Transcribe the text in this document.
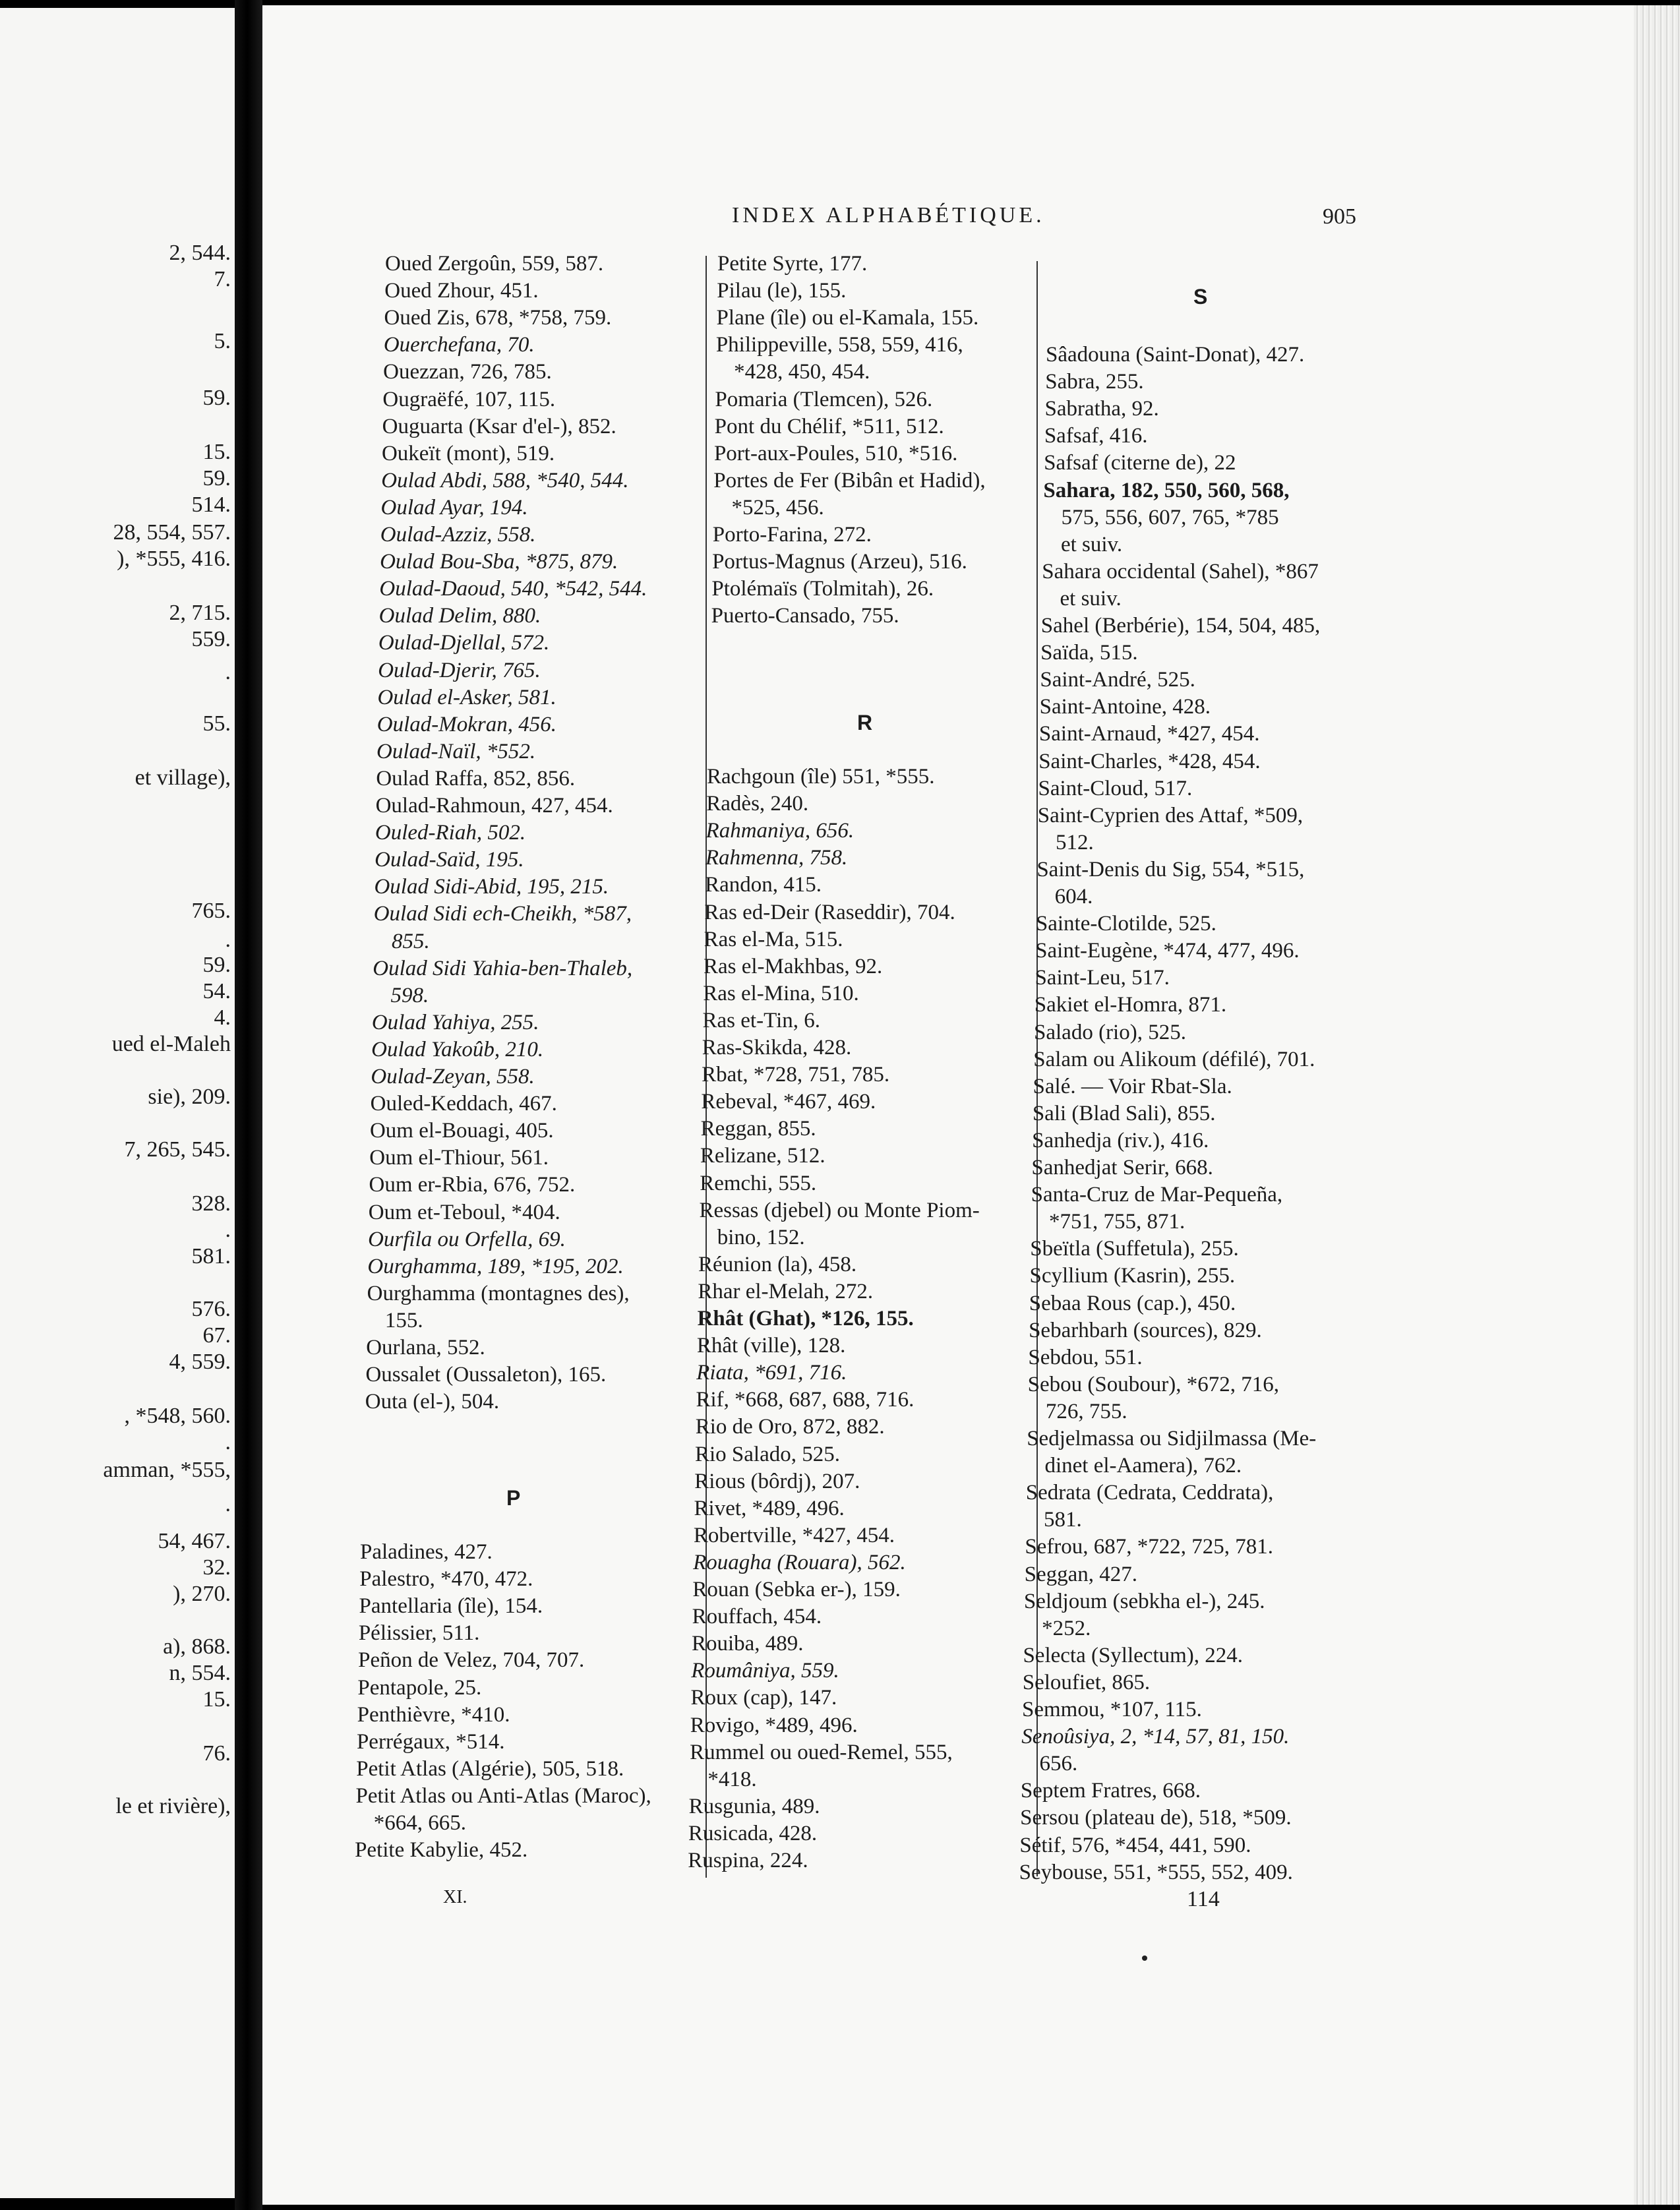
2, 544.
7.
5.
59.
15.
59.
514.
28, 554, 557.
), *555, 416.
2, 715.
559.
.
55.
et village),
765.
.
59.
54.
4.
ued el-Maleh
sie), 209.
7, 265, 545.
328.
.
581.
576.
67.
4, 559.
, *548, 560.
.
amman, *555,
.
54, 467.
32.
), 270.
a), 868.
n, 554.
15.
76.
le et rivière),
INDEX ALPHABÉTIQUE.	905
Oued Zergoûn, 559, 587.
Oued Zhour, 451.
Oued Zis, 678, *758, 759.
Ouerchefana, 70.
Ouezzan, 726, 785.
Ougraëfé, 107, 115.
Ouguarta (Ksar d'el-), 852.
Oukeït (mont), 519.
Oulad Abdi, 588, *540, 544.
Oulad Ayar, 194.
Oulad-Azziz, 558.
Oulad Bou-Sba, *875, 879.
Oulad-Daoud, 540, *542, 544.
Oulad Delim, 880.
Oulad-Djellal, 572.
Oulad-Djerir, 765.
Oulad el-Asker, 581.
Oulad-Mokran, 456.
Oulad-Naïl, *552.
Oulad Raffa, 852, 856.
Oulad-Rahmoun, 427, 454.
Ouled-Riah, 502.
Oulad-Saïd, 195.
Oulad Sidi-Abid, 195, 215.
Oulad Sidi ech-Cheikh, *587,
855.
Oulad Sidi Yahia-ben-Thaleb,
598.
Oulad Yahiya, 255.
Oulad Yakoûb, 210.
Oulad-Zeyan, 558.
Ouled-Keddach, 467.
Oum el-Bouagi, 405.
Oum el-Thiour, 561.
Oum er-Rbia, 676, 752.
Oum et-Teboul, *404.
Ourfila ou Orfella, 69.
Ourghamma, 189, *195, 202.
Ourghamma (montagnes des),
155.
Ourlana, 552.
Oussalet (Oussaleton), 165.
Outa (el-), 504.
P
Paladines, 427.
Palestro, *470, 472.
Pantellaria (île), 154.
Pélissier, 511.
Peñon de Velez, 704, 707.
Pentapole, 25.
Penthièvre, *410.
Perrégaux, *514.
Petit Atlas (Algérie), 505, 518.
Petit Atlas ou Anti-Atlas (Maroc),
*664, 665.
Petite Kabylie, 452.
Petite Syrte, 177.
Pilau (le), 155.
Plane (île) ou el-Kamala, 155.
Philippeville, 558, 559, 416,
*428, 450, 454.
Pomaria (Tlemcen), 526.
Pont du Chélif, *511, 512.
Port-aux-Poules, 510, *516.
Portes de Fer (Bibân et Hadid),
*525, 456.
Porto-Farina, 272.
Portus-Magnus (Arzeu), 516.
Ptolémaïs (Tolmitah), 26.
Puerto-Cansado, 755.
R
Rachgoun (île) 551, *555.
Radès, 240.
Rahmaniya, 656.
Rahmenna, 758.
Randon, 415.
Ras ed-Deir (Raseddir), 704.
Ras el-Ma, 515.
Ras el-Makhbas, 92.
Ras el-Mina, 510.
Ras et-Tin, 6.
Ras-Skikda, 428.
Rbat, *728, 751, 785.
Rebeval, *467, 469.
Reggan, 855.
Relizane, 512.
Remchi, 555.
Ressas (djebel) ou Monte Piom-
bino, 152.
Réunion (la), 458.
Rhar el-Melah, 272.
Rhât (Ghat), *126, 155.
Rhât (ville), 128.
Riata, *691, 716.
Rif, *668, 687, 688, 716.
Rio de Oro, 872, 882.
Rio Salado, 525.
Rious (bôrdj), 207.
Rivet, *489, 496.
Robertville, *427, 454.
Rouagha (Rouara), 562.
Rouan (Sebka er-), 159.
Rouffach, 454.
Rouiba, 489.
Roumâniya, 559.
Roux (cap), 147.
Rovigo, *489, 496.
Rummel ou oued-Remel, 555,
*418.
Rusgunia, 489.
Rusicada, 428.
Ruspina, 224.
S
Sâadouna (Saint-Donat), 427.
Sabra, 255.
Sabratha, 92.
Safsaf, 416.
Safsaf (citerne de), 22
Sahara, 182, 550, 560, 568,
575, 556, 607, 765, *785
et suiv.
Sahara occidental (Sahel), *867
et suiv.
Sahel (Berbérie), 154, 504, 485,
Saïda, 515.
Saint-André, 525.
Saint-Antoine, 428.
Saint-Arnaud, *427, 454.
Saint-Charles, *428, 454.
Saint-Cloud, 517.
Saint-Cyprien des Attaf, *509,
512.
Saint-Denis du Sig, 554, *515,
604.
Sainte-Clotilde, 525.
Saint-Eugène, *474, 477, 496.
Saint-Leu, 517.
Sakiet el-Homra, 871.
Salado (rio), 525.
Salam ou Alikoum (défilé), 701.
Salé. — Voir Rbat-Sla.
Sali (Blad Sali), 855.
Sanhedja (riv.), 416.
Sanhedjat Serir, 668.
Santa-Cruz de Mar-Pequeña,
*751, 755, 871.
Sbeïtla (Suffetula), 255.
Scyllium (Kasrin), 255.
Sebaa Rous (cap.), 450.
Sebarhbarh (sources), 829.
Sebdou, 551.
Sebou (Soubour), *672, 716,
726, 755.
Sedjelmassa ou Sidjilmassa (Me-
dinet el-Aamera), 762.
Sedrata (Cedrata, Ceddrata),
581.
Sefrou, 687, *722, 725, 781.
Seggan, 427.
Seldjoum (sebkha el-), 245.
*252.
Selecta (Syllectum), 224.
Seloufiet, 865.
Semmou, *107, 115.
Senoûsiya, 2, *14, 57, 81, 150.
656.
Septem Fratres, 668.
Sersou (plateau de), 518, *509.
Sétif, 576, *454, 441, 590.
Seybouse, 551, *555, 552, 409.
XI.	114
